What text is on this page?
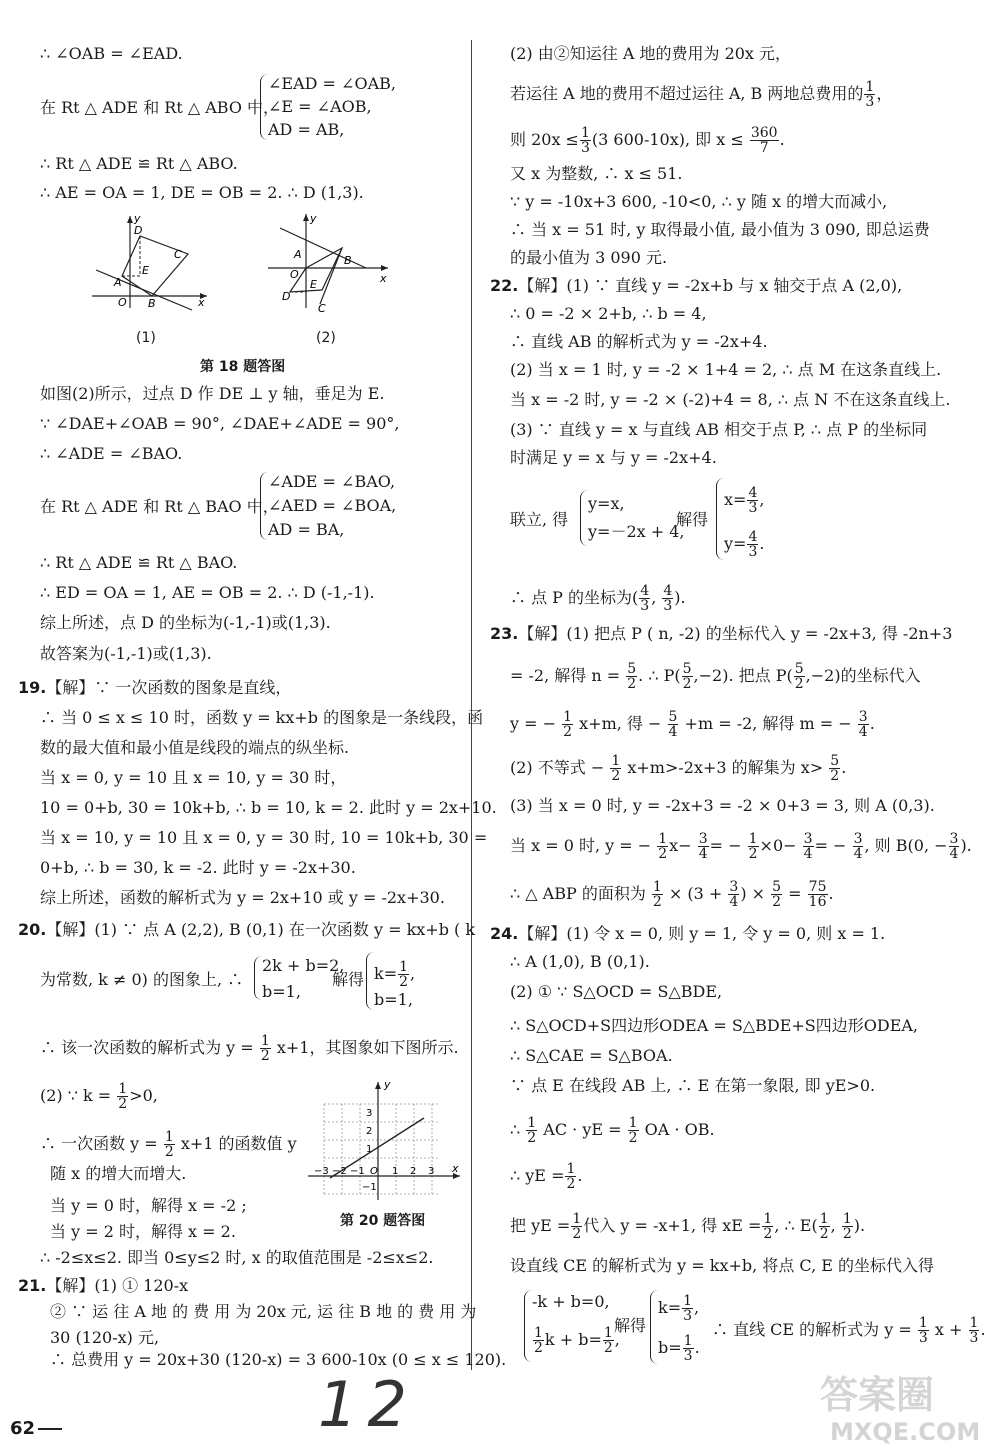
∴ ∠OAB = ∠EAD.
在 Rt △ ADE 和 Rt △ ABO 中，
∠EAD = ∠OAB,
∠E = ∠AOB,
AD = AB,
∴ Rt △ ADE ≌ Rt △ ABO.
∴ AE = OA = 1, DE = OB = 2. ∴ D (1,3).
y
x
D
C
E
A
O B
(1)
y
x
A	B
O
E
D
C
(2)
第 18 题答图
如图(2)所示，过点 D 作 DE ⊥ y 轴，垂足为 E.
∵ ∠DAE+∠OAB = 90°, ∠DAE+∠ADE = 90°,
∴ ∠ADE = ∠BAO.
在 Rt △ ADE 和 Rt △ BAO 中，
∠ADE = ∠BAO,
∠AED = ∠BOA,
AD = BA,
∴ Rt △ ADE ≌ Rt △ BAO.
∴ ED = OA = 1, AE = OB = 2. ∴ D (-1,-1).
综上所述，点 D 的坐标为(-1,-1)或(1,3).
故答案为(-1,-1)或(1,3).
19.【解】∵ 一次函数的图象是直线，
∴ 当 0 ≤ x ≤ 10 时，函数 y = kx+b 的图象是一条线段，函
数的最大值和最小值是线段的端点的纵坐标.
当 x = 0, y = 10 且 x = 10, y = 30 时，
10 = 0+b, 30 = 10k+b, ∴ b = 10, k = 2. 此时 y = 2x+10.
当 x = 10, y = 10 且 x = 0, y = 30 时, 10 = 10k+b, 30 =
0+b, ∴ b = 30, k = -2. 此时 y = -2x+30.
综上所述，函数的解析式为 y = 2x+10 或 y = -2x+30.
20.【解】(1) ∵ 点 A (2,2), B (0,1) 在一次函数 y = kx+b ( k
为常数, k ≠ 0) 的图象上, ∴
2k + b=2,
b=1,
解得 $k= \frac{1}{2}$ ,
b=1,
∴ 该一次函数的解析式为 $y = \frac{1}{2} x+1$，其图象如下图所示.
(2) ∵ $k = \frac{1}{2} >0$,
∴ 一次函数 $y = \frac{1}{2} x+1$ 的函数值 y
随 x 的增大而增大.
当 y = 0 时，解得 x = -2 ;
当 y = 2 时，解得 x = 2.
∴ -2≤x≤2. 即当 0≤y≤2 时, x 的取值范围是 -2≤x≤2.
y
3
2
1
−1
−3 −2 −1 O 1 2 3 x
第 20 题答图
21.【解】(1) ① 120-x
② ∵ 运 往 A 地 的 费 用 为 20x 元, 运 往 B 地 的 费 用 为
30 (120-x) 元,
∴ 总费用 y = 20x+30 (120-x) = 3 600-10x (0 ≤ x ≤ 120).
(2) 由②知运往 A 地的费用为 20x 元，
若运往 A 地的费用不超过运往 A, B 两地总费用的 $\frac{1}{3}$ ，
则 $20x \le \frac{1}{3} (3$ 600-10x), 即 $x \le \frac{360}{7}$ .
又 x 为整数, ∴ x ≤ 51.
∵ y = -10x+3 600, -10<0, ∴ y 随 x 的增大而减小,
∴ 当 x = 51 时, y 取得最小值, 最小值为 3 090, 即总运费
的最小值为 3 090 元.
22.【解】(1) ∵ 直线 y = -2x+b 与 x 轴交于点 A (2,0),
∴ 0 = -2 × 2+b, ∴ b = 4,
∴ 直线 AB 的解析式为 y = -2x+4.
(2) 当 x = 1 时, y = -2 × 1+4 = 2, ∴ 点 M 在这条直线上.
当 x = -2 时, y = -2 × (-2)+4 = 8, ∴ 点 N 不在这条直线上.
(3) ∵ 直线 y = x 与直线 AB 相交于点 P, ∴ 点 P 的坐标同
时满足 y = x 与 y = -2x+4.
联立, 得
y=x,
y=－2x + 4,
解得
$x= \frac{4}{3}$ ,
$y= \frac{4}{3}$ .
∴ 点 P 的坐标为( $\frac{4}{3}$ , $\frac{4}{3}$ ).
23.【解】(1) 把点 P ( n, -2) 的坐标代入 y = -2x+3, 得 -2n+3
= -2, 解得 $n = \frac{5}{2}$ . ∴ $P( \frac{5}{2} ,-2)$. 把点 $P( \frac{5}{2} ,-2)$的坐标代入
y = − $\frac{1}{2} x+m$, 得 − $\frac{5}{4} +m = -2$, 解得 m = − $\frac{3}{4}$ .
(2) 不等式 − $\frac{1}{2} x+m>-2x+3$ 的解集为 $x> \frac{5}{2}$ .
(3) 当 x = 0 时, y = -2x+3 = -2 × 0+3 = 3, 则 A (0,3).
当 x = 0 时, y = − $\frac{1}{2} x- \frac{3}{4}$ = − $\frac{1}{2} \times 0- \frac{3}{4}$ = − $\frac{3}{4}$ , 则 B(0, − $\frac{3}{4}$ ).
∴ △ ABP 的面积为 $\frac{1}{2} \times (3 + \frac{3}{4}$ ) × $\frac{5}{2} = \frac{75}{16}$ .
24.【解】(1) 令 x = 0, 则 y = 1, 令 y = 0, 则 x = 1.
∴ A (1,0), B (0,1).
(2) ① ∵ S△OCD = S△BDE,
∴ S△OCD+S四边形ODEA = S△BDE+S四边形ODEA,
∴ S△CAE = S△BOA.
∵ 点 E 在线段 AB 上, ∴ E 在第一象限, 即 yE>0.
∴ $\frac{1}{2}$ AC · yE = $\frac{1}{2}$ OA · OB.
∴ yE = $\frac{1}{2}$ .
把 yE = $\frac{1}{2}$ 代入 y = -x+1, 得 xE = $\frac{1}{2}$ , ∴ $E( \frac{1}{2}$ , $\frac{1}{2}$ ).
设直线 CE 的解析式为 y = kx+b, 将点 C, E 的坐标代入得
-k + b=0,
$\frac{1}{2}$ $k + b= \frac{1}{2}$ ,
解得
$k= \frac{1}{3}$ ,
$b= \frac{1}{3}$ .
∴ 直线 CE 的解析式为 $y = \frac{1}{3}$ $x + \frac{1}{3}$ .
62	12	答案圈
MXQE.COM
